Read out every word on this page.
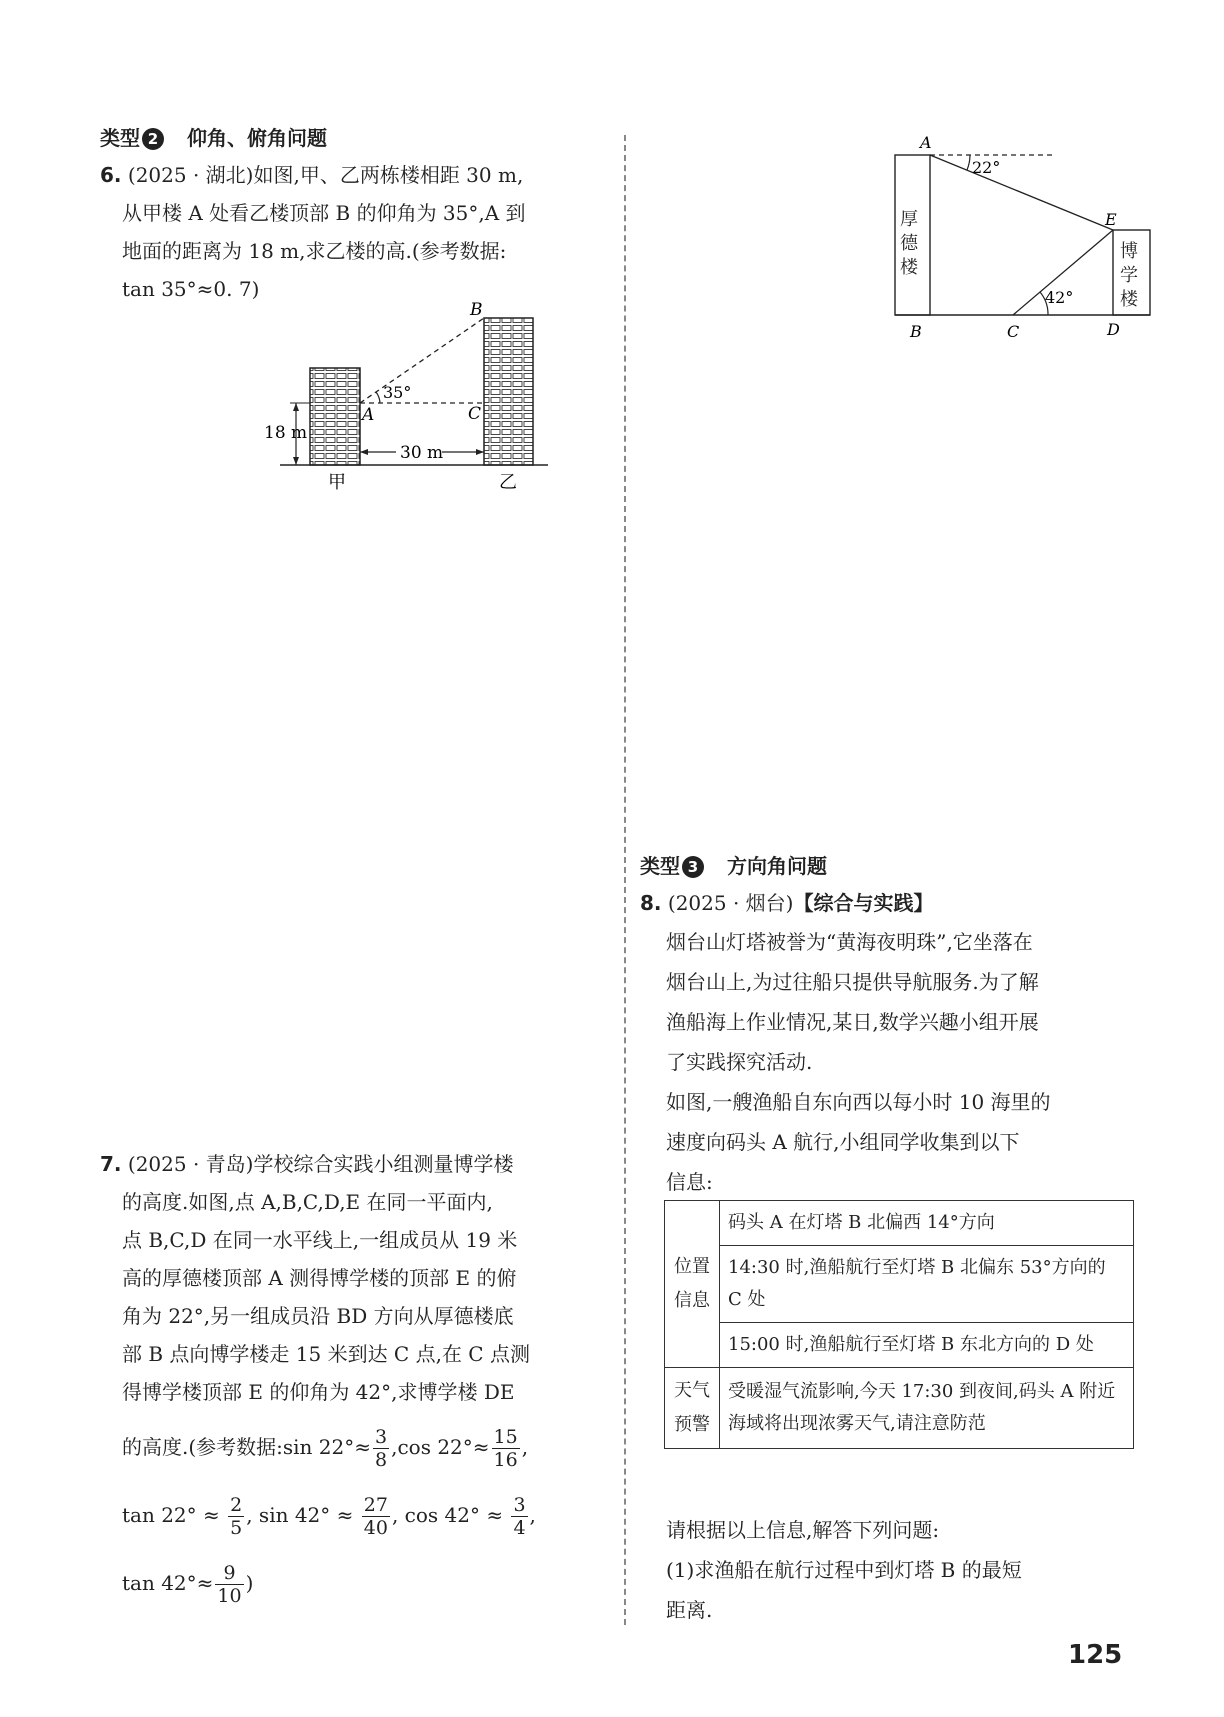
类型 2 仰角、俯角问题
6. (2025 · 湖北)如图,甲、乙两栋楼相距 30 m,
从甲楼 A 处看乙楼顶部 B 的仰角为 35°,A 到
地面的距离为 18 m,求乙楼的高.(参考数据:
tan 35°≈0. 7)
B
A	C
35°
18 m
30 m
甲	乙
7. (2025 · 青岛)学校综合实践小组测量博学楼
的高度.如图,点 A,B,C,D,E 在同一平面内,
点 B,C,D 在同一水平线上,一组成员从 19 米
高的厚德楼顶部 A 测得博学楼的顶部 E 的俯
角为 22°,另一组成员沿 BD 方向从厚德楼底
部 B 点向博学楼走 15 米到达 C 点,在 C 点测
得博学楼顶部 E 的仰角为 42°,求博学楼 DE
的高度.(参考数据:sin $22^\circ\approx \frac{3}{8} ,\cos$ $22^\circ\approx \frac{15}{16}$ ,
$\tan 22^\circ \approx \frac{2}{5}$ , $\sin 42^\circ \approx \frac{27}{40}$ , $\cos 42^\circ \approx \frac{3}{4}$ ,
$\tan 42^\circ\approx \frac{9}{10}$ )
A
22°
E
42°
B	C	D
厚德楼
博学楼
类型 3 方向角问题
8. (2025 · 烟台)【综合与实践】
烟台山灯塔被誉为“黄海夜明珠”,它坐落在
烟台山上,为过往船只提供导航服务.为了解
渔船海上作业情况,某日,数学兴趣小组开展
了实践探究活动.
如图,一艘渔船自东向西以每小时 10 海里的
速度向码头 A 航行,小组同学收集到以下
信息:
位置信息	码头 A 在灯塔 B 北偏西 14°方向
	14:30 时,渔船航行至灯塔 B 北偏东 53°方向的 C 处
	15:00 时,渔船航行至灯塔 B 东北方向的 D 处
天气预警	受暖湿气流影响,今天 17:30 到夜间,码头 A 附近海域将出现浓雾天气,请注意防范
请根据以上信息,解答下列问题:
(1)求渔船在航行过程中到灯塔 B 的最短
距离.
125
